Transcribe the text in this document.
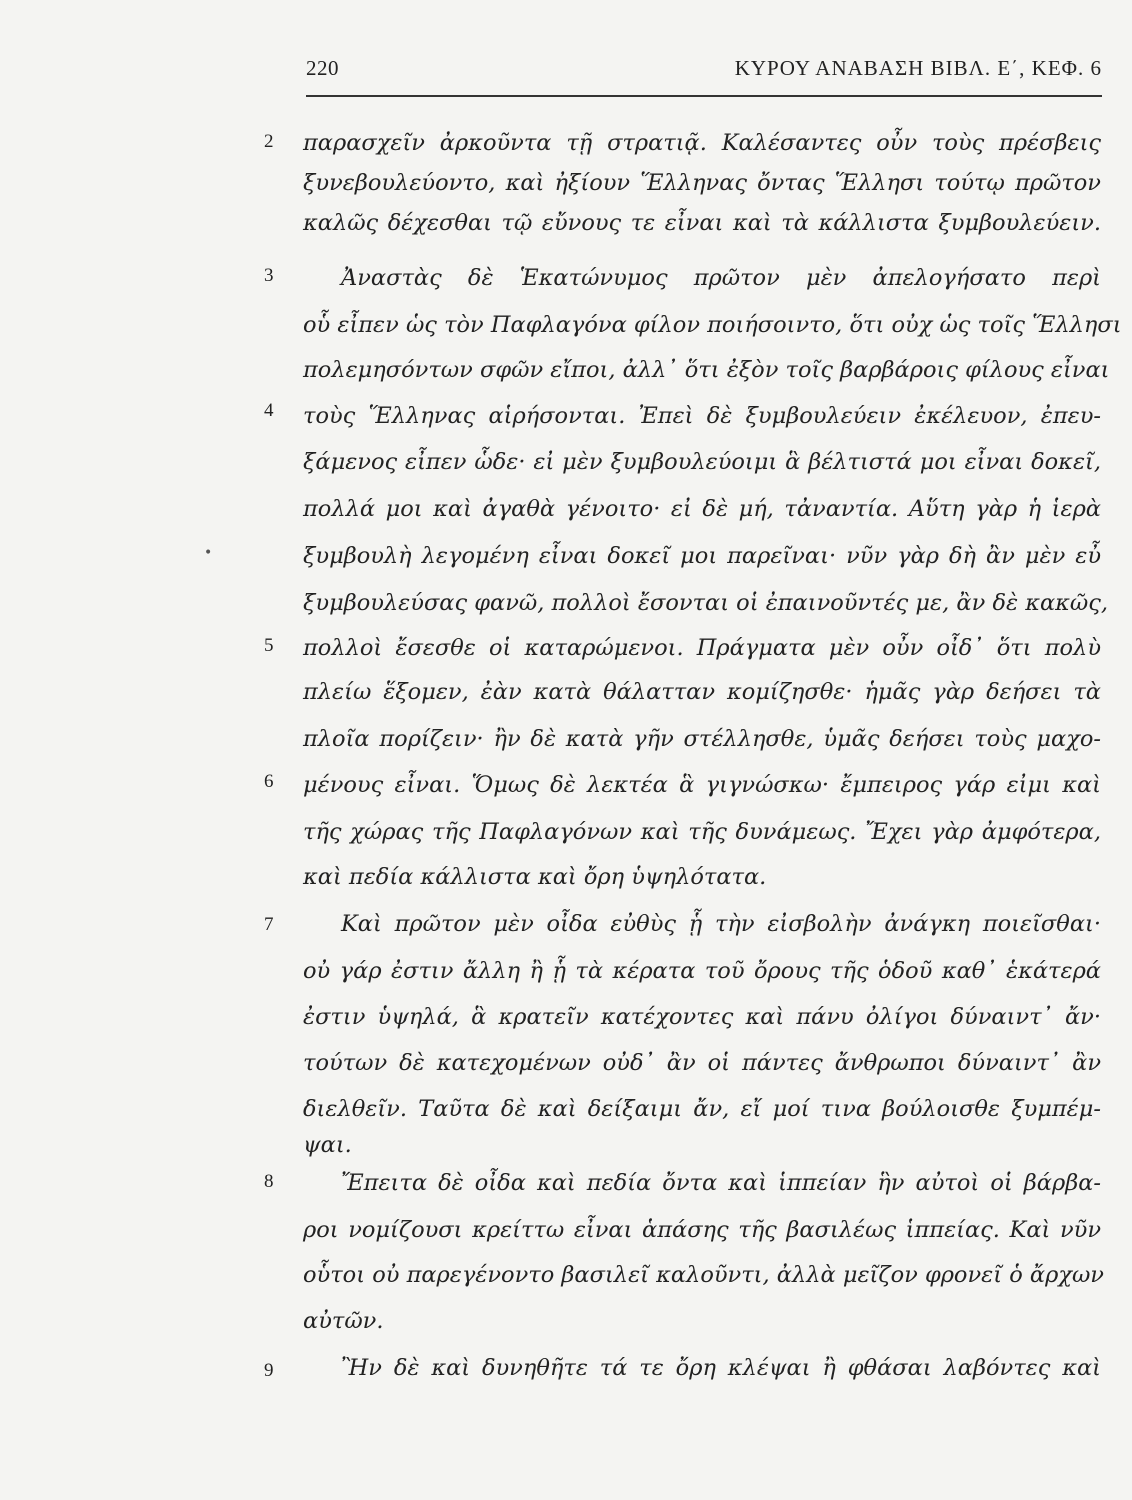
220	ΚΥΡΟΥ ΑΝΑΒΑΣΗ ΒΙΒΛ. Ε΄, ΚΕΦ. 6
•
2
3
4
5
6
7
8
9
παρασχεῖν ἀρκοῦντα τῇ στρατιᾷ. Καλέσαντες οὖν τοὺς πρέσβεις
ξυνεβουλεύοντο, καὶ ἠξίουν Ἕλληνας ὄντας Ἕλλησι τούτῳ πρῶτον
καλῶς δέχεσθαι τῷ εὔνους τε εἶναι καὶ τὰ κάλλιστα ξυμβουλεύειν.
Ἀναστὰς δὲ Ἑκατώνυμος πρῶτον μὲν ἀπελογήσατο περὶ
οὗ εἶπεν ὡς τὸν Παφλαγόνα φίλον ποιήσοιντο, ὅτι οὐχ ὡς τοῖς Ἕλλησι
πολεμησόντων σφῶν εἴποι, ἀλλ᾽ ὅτι ἐξὸν τοῖς βαρβάροις φίλους εἶναι
τοὺς Ἕλληνας αἱρήσονται. Ἐπεὶ δὲ ξυμβουλεύειν ἐκέλευον, ἐπευ-
ξάμενος εἶπεν ὧδε· εἰ μὲν ξυμβουλεύοιμι ἃ βέλτιστά μοι εἶναι δοκεῖ,
πολλά μοι καὶ ἀγαθὰ γένοιτο· εἰ δὲ μή, τἀναντία. Αὕτη γὰρ ἡ ἱερὰ
ξυμβουλὴ λεγομένη εἶναι δοκεῖ μοι παρεῖναι· νῦν γὰρ δὴ ἂν μὲν εὖ
ξυμβουλεύσας φανῶ, πολλοὶ ἔσονται οἱ ἐπαινοῦντές με, ἂν δὲ κακῶς,
πολλοὶ ἔσεσθε οἱ καταρώμενοι. Πράγματα μὲν οὖν οἶδ᾽ ὅτι πολὺ
πλείω ἕξομεν, ἐὰν κατὰ θάλατταν κομίζησθε· ἡμᾶς γὰρ δεήσει τὰ
πλοῖα πορίζειν· ἢν δὲ κατὰ γῆν στέλλησθε, ὑμᾶς δεήσει τοὺς μαχο-
μένους εἶναι. Ὅμως δὲ λεκτέα ἃ γιγνώσκω· ἔμπειρος γάρ εἰμι καὶ
τῆς χώρας τῆς Παφλαγόνων καὶ τῆς δυνάμεως. Ἔχει γὰρ ἀμφότερα,
καὶ πεδία κάλλιστα καὶ ὄρη ὑψηλότατα.
Καὶ πρῶτον μὲν οἶδα εὐθὺς ᾗ τὴν εἰσβολὴν ἀνάγκη ποιεῖσθαι·
οὐ γάρ ἐστιν ἄλλη ἢ ᾗ τὰ κέρατα τοῦ ὄρους τῆς ὁδοῦ καθ᾽ ἑκάτερά
ἐστιν ὑψηλά, ἃ κρατεῖν κατέχοντες καὶ πάνυ ὀλίγοι δύναιντ᾽ ἄν·
τούτων δὲ κατεχομένων οὐδ᾽ ἂν οἱ πάντες ἄνθρωποι δύναιντ᾽ ἂν
διελθεῖν. Ταῦτα δὲ καὶ δείξαιμι ἄν, εἴ μοί τινα βούλοισθε ξυμπέμ-
ψαι.
Ἔπειτα δὲ οἶδα καὶ πεδία ὄντα καὶ ἱππείαν ἣν αὐτοὶ οἱ βάρβα-
ροι νομίζουσι κρείττω εἶναι ἁπάσης τῆς βασιλέως ἱππείας. Καὶ νῦν
οὗτοι οὐ παρεγένοντο βασιλεῖ καλοῦντι, ἀλλὰ μεῖζον φρονεῖ ὁ ἄρχων
αὐτῶν.
Ἢν δὲ καὶ δυνηθῆτε τά τε ὄρη κλέψαι ἢ φθάσαι λαβόντες καὶ
